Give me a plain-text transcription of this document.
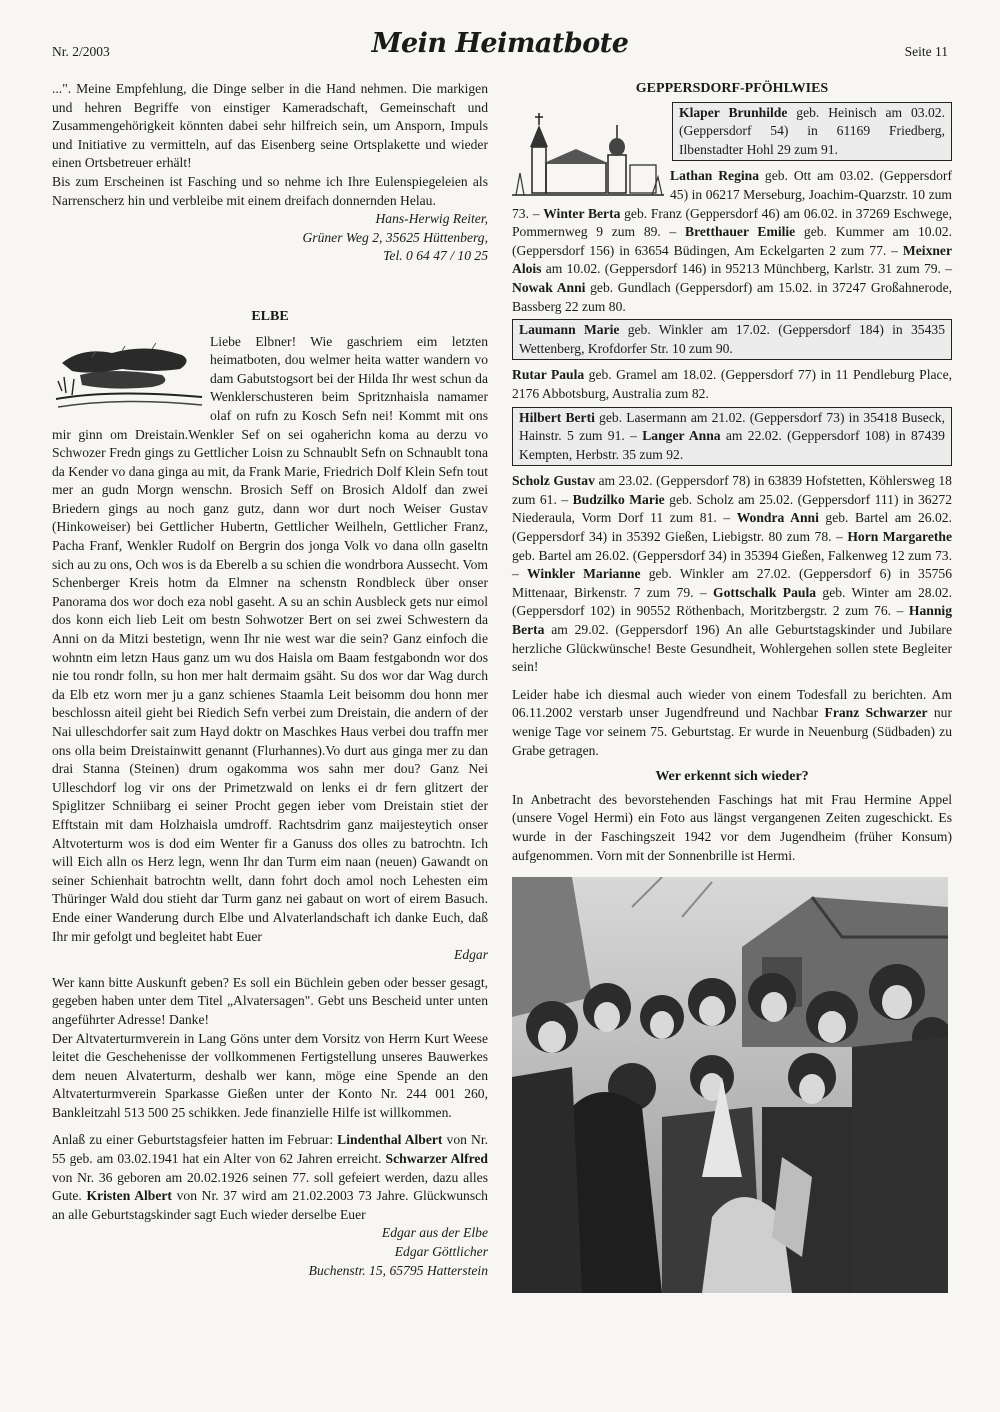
Nr. 2/2003	Mein Heimatbote	Seite 11

...". Meine Empfehlung, die Dinge selber in die Hand nehmen. Die markigen und hehren Begriffe von einstiger Kameradschaft, Gemeinschaft und Zusammengehörigkeit könnten dabei sehr hilfreich sein, um Ansporn, Impuls und Initiative zu vermitteln, auf das Eisenberg seine Ortsplakette und wieder einen Ortsbetreuer erhält!

Bis zum Erscheinen ist Fasching und so nehme ich Ihre Eulenspiegeleien als Narrenscherz hin und verbleibe mit einem dreifach donnernden Helau.

Hans-Herwig Reiter,

Grüner Weg 2, 35625 Hüttenberg,

Tel. 0 64 47 / 10 25

ELBE

Liebe Elbner! Wie gaschriem eim letzten heimatboten, dou welmer heita watter wandern vo dam Gabutstogsort bei der Hilda Ihr west schun da Wenklerschusteren beim Spritznhaisla namamer olaf on rufn zu Kosch Sefn nei! Kommt mit ons mir ginn om Dreistain.Wenkler Sef on sei ogaherichn koma au derzu vo Schwozer Fredn gings zu Gettlicher Loisn zu Schnaublt Sefn on Schnaublt tona da Kender vo dana ginga au mit, da Frank Marie, Friedrich Dolf Klein Sefn tout mer an gudn Morgn wenschn. Brosich Seff on Brosich Aldolf dan zwei Briedern gings au noch ganz gutz, dann wor durt noch Weiser Gustav (Hinkoweiser) bei Gettlicher Hubertn, Gettlicher Weilheln, Gettlicher Franz, Pacha Franf, Wenkler Rudolf on Bergrin dos jonga Volk vo dana olln gaseltn sich au zu ons, Och wos is da Eberelb a su schien die wondrbora Aussecht. Vom Schenberger Kreis hotm da Elmner na schenstn Rondbleck über onser Panorama dos wor doch eza nobl gaseht. A su an schin Ausbleck gets nur eimol dos konn eich lieb Leit om bestn Sohwotzer Bert on sei zwei Schwestern da Anni on da Mitzi bestetign, wenn Ihr nie west war die sein? Ganz einfoch die wohntn eim letzn Haus ganz um wu dos Haisla om Baam festgabondn wor dos nie tou rondr folln, su hon mer halt dermaim gsäht. Su dos wor dar Wag durch da Elb etz worn mer ju a ganz schienes Staamla Leit beisomm dou honn mer beschlossn aiteil gieht bei Riedich Sefn verbei zum Dreistain, die andern of der Nai ulleschdorfer sait zum Hayd doktr on Maschkes Haus verbei dou traffn mer ons olla beim Dreistainwitt genannt (Flurhannes).Vo durt aus ginga mer zu dan drai Stanna (Steinen) drum ogakomma wos sahn mer dou? Ganz Nei Ulleschdorf log vir ons der Primetzwald on lenks ei dr fern glitzert der Spiglitzer Schniibarg ei seiner Procht gegen ieber vom Dreistain stiet der Efftstain mit dam Holzhaisla umdroff. Rachtsdrim ganz maijesteytich onser Altvoterturm wos is dod eim Wenter fir a Ganuss dos olles zu batrochtn. Ich will Eich alln os Herz legn, wenn Ihr dan Turm eim naan (neuen) Gawandt on seiner Schienhait batrochtn wellt, dann fohrt doch amol noch Lehesten eim Thüringer Wald dou stieht dar Turm ganz nei gabaut on wort of eirem Basuch. Ende einer Wanderung durch Elbe und Alvaterlandschaft ich danke Euch, daß Ihr mir gefolgt und begleitet habt Euer

Edgar

Wer kann bitte Auskunft geben? Es soll ein Büchlein geben oder besser gesagt, gegeben haben unter dem Titel „Alvatersagen". Gebt uns Bescheid unter unten angeführter Adresse! Danke!

Der Altvaterturmverein in Lang Göns unter dem Vorsitz von Herrn Kurt Weese leitet die Geschehenisse der vollkommenen Fertigstellung unseres Bauwerkes dem neuen Alvaterturm, deshalb wer kann, möge eine Spende an den Altvaterturmverein Sparkasse Gießen unter der Konto Nr. 244 001 260, Bankleitzahl 513 500 25 schikken. Jede finanzielle Hilfe ist willkommen.

Anlaß zu einer Geburtstagsfeier hatten im Februar: Lindenthal Albert von Nr. 55 geb. am 03.02.1941 hat ein Alter von 62 Jahren erreicht. Schwarzer Alfred von Nr. 36 geboren am 20.02.1926 seinen 77. soll gefeiert werden, dazu alles Gute. Kristen Albert von Nr. 37 wird am 21.02.2003 73 Jahre. Glückwunsch an alle Geburtstagskinder sagt Euch wieder derselbe Euer

Edgar aus der Elbe

Edgar Göttlicher

Buchenstr. 15, 65795 Hatterstein

GEPPERSDORF-PFÖHLWIES
Klaper Brunhilde geb. Heinisch am 03.02. (Geppersdorf 54) in 61169 Friedberg, Ilbenstadter Hohl 29 zum 91.

Lathan Regina geb. Ott am 03.02. (Geppersdorf 45) in 06217 Merseburg, Joachim-Quarzstr. 10 zum 73. – Winter Berta geb. Franz (Geppersdorf 46) am 06.02. in 37269 Eschwege, Pommernweg 9 zum 89. – Bretthauer Emilie geb. Kummer am 10.02. (Geppersdorf 156) in 63654 Büdingen, Am Eckelgarten 2 zum 77. – Meixner Alois am 10.02. (Geppersdorf 146) in 95213 Münchberg, Karlstr. 31 zum 79. – Nowak Anni geb. Gundlach (Geppersdorf) am 15.02. in 37247 Großahnerode, Bassberg 22 zum 80.

Laumann Marie geb. Winkler am 17.02. (Geppersdorf 184) in 35435 Wettenberg, Krofdorfer Str. 10 zum 90.

Rutar Paula geb. Gramel am 18.02. (Geppersdorf 77) in 11 Pendleburg Place, 2176 Abbotsburg, Australia zum 82.

Hilbert Berti geb. Lasermann am 21.02. (Geppersdorf 73) in 35418 Buseck, Hainstr. 5 zum 91. – Langer Anna am 22.02. (Geppersdorf 108) in 87439 Kempten, Herbstr. 35 zum 92.

Scholz Gustav am 23.02. (Geppersdorf 78) in 63839 Hofstetten, Köhlersweg 18 zum 61. – Budzilko Marie geb. Scholz am 25.02. (Geppersdorf 111) in 36272 Niederaula, Vorm Dorf 11 zum 81. – Wondra Anni geb. Bartel am 26.02. (Geppersdorf 34) in 35392 Gießen, Liebigstr. 80 zum 78. – Horn Margarethe geb. Bartel am 26.02. (Geppersdorf 34) in 35394 Gießen, Falkenweg 12 zum 73. – Winkler Marianne geb. Winkler am 27.02. (Geppersdorf 6) in 35756 Mittenaar, Birkenstr. 7 zum 79. – Gottschalk Paula geb. Winter am 28.02. (Geppersdorf 102) in 90552 Röthenbach, Moritzbergstr. 2 zum 76. – Hannig Berta am 29.02. (Geppersdorf 196) An alle Geburtstagskinder und Jubilare herzliche Glückwünsche! Beste Gesundheit, Wohlergehen sollen stete Begleiter sein!

Leider habe ich diesmal auch wieder von einem Todesfall zu berichten. Am 06.11.2002 verstarb unser Jugendfreund und Nachbar Franz Schwarzer nur wenige Tage vor seinem 75. Geburtstag. Er wurde in Neuenburg (Südbaden) zu Grabe getragen.

Wer erkennt sich wieder?

In Anbetracht des bevorstehenden Faschings hat mit Frau Hermine Appel (unsere Vogel Hermi) ein Foto aus längst vergangenen Zeiten zugeschickt. Es wurde in der Faschingszeit 1942 vor dem Jugendheim (früher Konsum) aufgenommen. Vorn mit der Sonnenbrille ist Hermi.
